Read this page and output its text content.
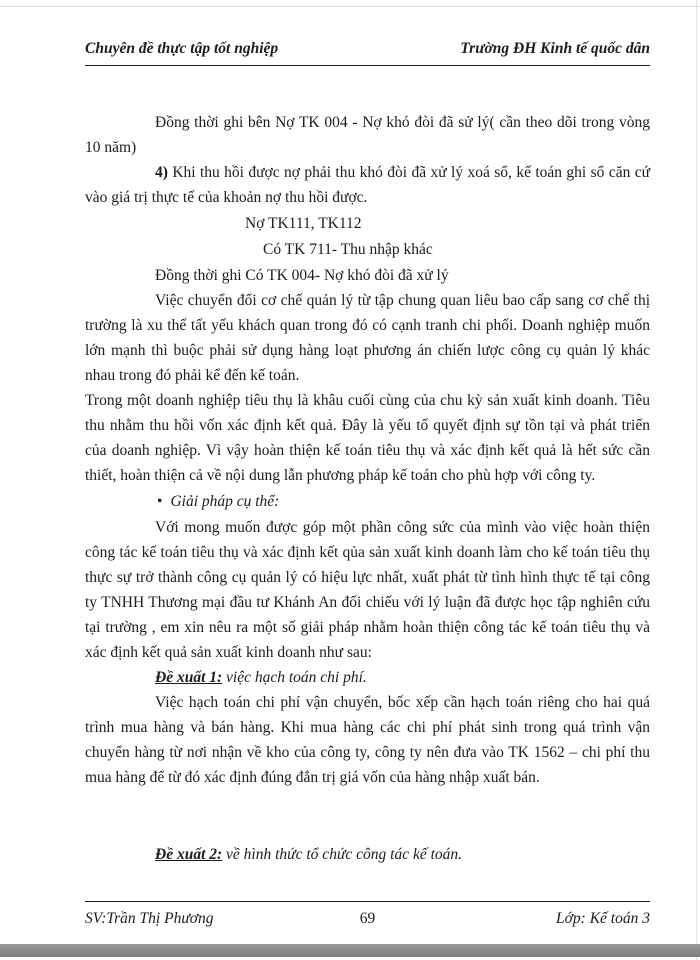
Chuyên đề thực tập tốt nghiệp	Trường ĐH Kinh tế quốc dân

Đồng thời ghi bên Nợ TK 004 - Nợ khó đòi đã sử lý( cần theo dõi trong vòng 10 năm)

4) Khi thu hồi được nợ phải thu khó đòi đã xử lý xoá sổ, kế toán ghi sổ căn cứ vào giá trị thực tế của khoản nợ thu hồi được.

Nợ TK111, TK112

Có TK 711- Thu nhập khác

Đồng thời ghi Có TK 004- Nợ khó đòi đã xử lý

Việc chuyển đổi cơ chế quản lý từ tập chung quan liêu bao cấp sang cơ chế thị trường là xu thế tất yếu khách quan trong đó có cạnh tranh chi phối. Doanh nghiệp muốn lớn mạnh thì buộc phải sử dụng hàng loạt phương án chiến lược công cụ quản lý khác nhau trong đó phải kể đến kế toán.

Trong một doanh nghiệp tiêu thụ là khâu cuối cùng của chu kỳ sản xuất kinh doanh. Tiêu thu nhằm thu hồi vốn xác định kết quả. Đây là yếu tố quyết định sự tồn tại và phát triển của doanh nghiệp. Vì vậy hoàn thiện kế toán tiêu thụ và xác định kết quả là hết sức cần thiết, hoàn thiện cả về nội dung lẫn phương pháp kế toán cho phù hợp với công ty.

• Giải pháp cụ thể:

Với mong muốn được góp một phần công sức của mình vào việc hoàn thiện công tác kế toán tiêu thụ và xác định kết qủa sản xuất kinh doanh làm cho kế toán tiêu thụ thực sự trở thành công cụ quản lý có hiệu lực nhất, xuất phát từ tình hình thực tế tại công ty TNHH Thương mại đầu tư Khánh An đối chiếu với lý luận đã được học tập nghiên cứu tại trường , em xin nêu ra một số giải pháp nhằm hoàn thiện công tác kế toán tiêu thụ và xác định kết quả sản xuất kinh doanh như sau:

Đề xuất 1: việc hạch toán chi phí.

Việc hạch toán chi phí vận chuyển, bốc xếp cần hạch toán riêng cho hai quá trình mua hàng và bán hàng. Khi mua hàng các chi phí phát sinh trong quá trình vận chuyển hàng từ nơi nhận về kho của công ty, công ty nên đưa vào TK 1562 – chi phí thu mua hàng để từ đó xác định đúng đắn trị giá vốn của hàng nhập xuất bán.

Đề xuất 2: về hình thức tổ chức công tác kế toán.

SV:Trần Thị Phương	69	Lớp: Kế toán 3
